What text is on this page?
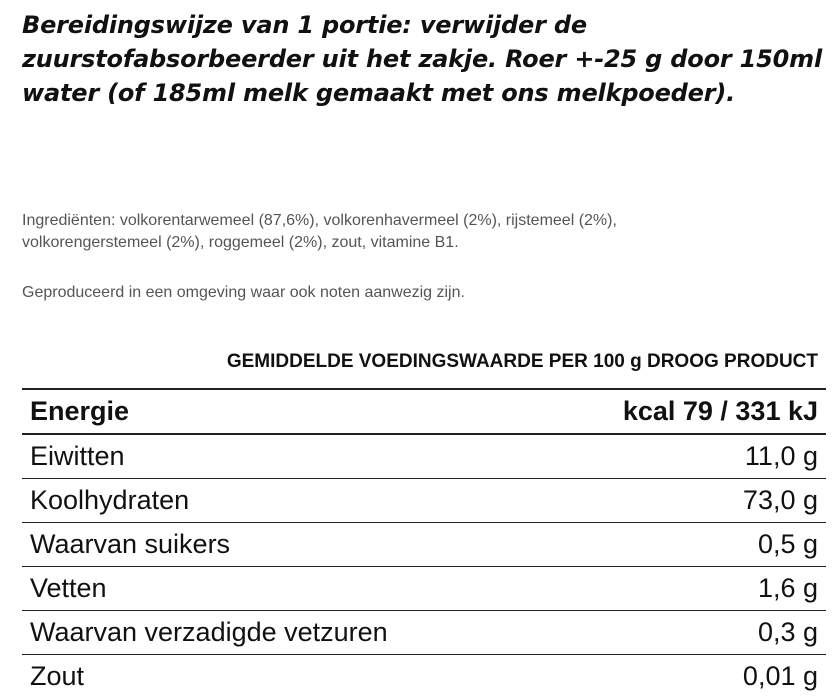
Bereidingswijze van 1 portie: verwijder de
zuurstofabsorbeerder uit het zakje. Roer +-25 g door 150ml
water (of 185ml melk gemaakt met ons melkpoeder).
Ingrediënten: volkorentarwemeel (87,6%), volkorenhavermeel (2%), rijstemeel (2%),
volkorengerstemeel (2%), roggemeel (2%), zout, vitamine B1.
Geproduceerd in een omgeving waar ook noten aanwezig zijn.
GEMIDDELDE VOEDINGSWAARDE PER 100 g DROOG PRODUCT
Energie	kcal 79 / 331 kJ
Eiwitten	11,0 g
Koolhydraten	73,0 g
Waarvan suikers	0,5 g
Vetten	1,6 g
Waarvan verzadigde vetzuren	0,3 g
Zout	0,01 g
